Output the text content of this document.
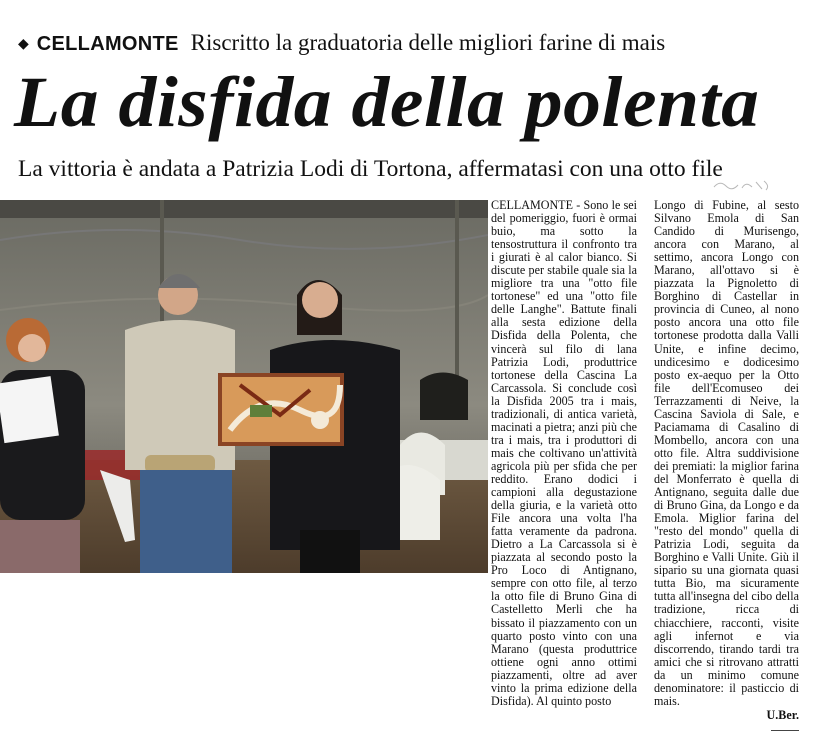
◆ CELLAMONTE Riscritto la graduatoria delle migliori farine di mais
La disfida della polenta
La vittoria è andata a Patrizia Lodi di Tortona, affermatasi con una otto file

CELLAMONTE - Sono le sei del pomeriggio, fuori è ormai buio, ma sotto la tensostruttura il confronto tra i giurati è al calor bianco. Si discute per stabile quale sia la migliore tra una "otto file tortonese" ed una "otto file delle Langhe". Battute finali alla sesta edizione della Disfida della Polenta, che vincerà sul filo di lana Patrizia Lodi, produttrice tortonese della Cascina La Carcassola. Si conclude così la Disfida 2005 tra i mais, tradizionali, di antica varietà, macinati a pietra; anzi più che tra i mais, tra i produttori di mais che coltivano un'attività agricola più per sfida che per reddito. Erano dodici i campioni alla degustazione della giuria, e la varietà otto File ancora una volta l'ha fatta veramente da padrona. Dietro a La Carcassola si è piazzata al secondo posto la Pro Loco di Antignano, sempre con otto file, al terzo la otto file di Bruno Gina di Castelletto Merli che ha bissato il piazzamento con un quarto posto vinto con una Marano (questa produttrice ottiene ogni anno ottimi piazzamenti, oltre ad aver vinto la prima edizione della Disfida). Al quinto posto

Longo di Fubine, al sesto Silvano Emola di San Candido di Murisengo, ancora con Marano, al settimo, ancora Longo con Marano, all'ottavo si è piazzata la Pignoletto di Borghino di Castellar in provincia di Cuneo, al nono posto ancora una otto file tortonese prodotta dalla Valli Unite, e infine decimo, undicesimo e dodicesimo posto ex-aequo per la Otto file dell'Ecomuseo dei Terrazzamenti di Neive, la Cascina Saviola di Sale, e Paciamama di Casalino di Mombello, ancora con una otto file. Altra suddivisione dei premiati: la miglior farina del Monferrato è quella di Antignano, seguita dalle due di Bruno Gina, da Longo e da Emola. Miglior farina del "resto del mondo" quella di Patrizia Lodi, seguita da Borghino e Valli Unite. Giù il sipario su una giornata quasi tutta Bio, ma sicuramente tutta all'insegna del cibo della tradizione, ricca di chiacchiere, racconti, visite agli infernot e via discorrendo, tirando tardi tra amici che si ritrovano attratti da un minimo comune denominatore: il pasticcio di mais.

U.Ber.
